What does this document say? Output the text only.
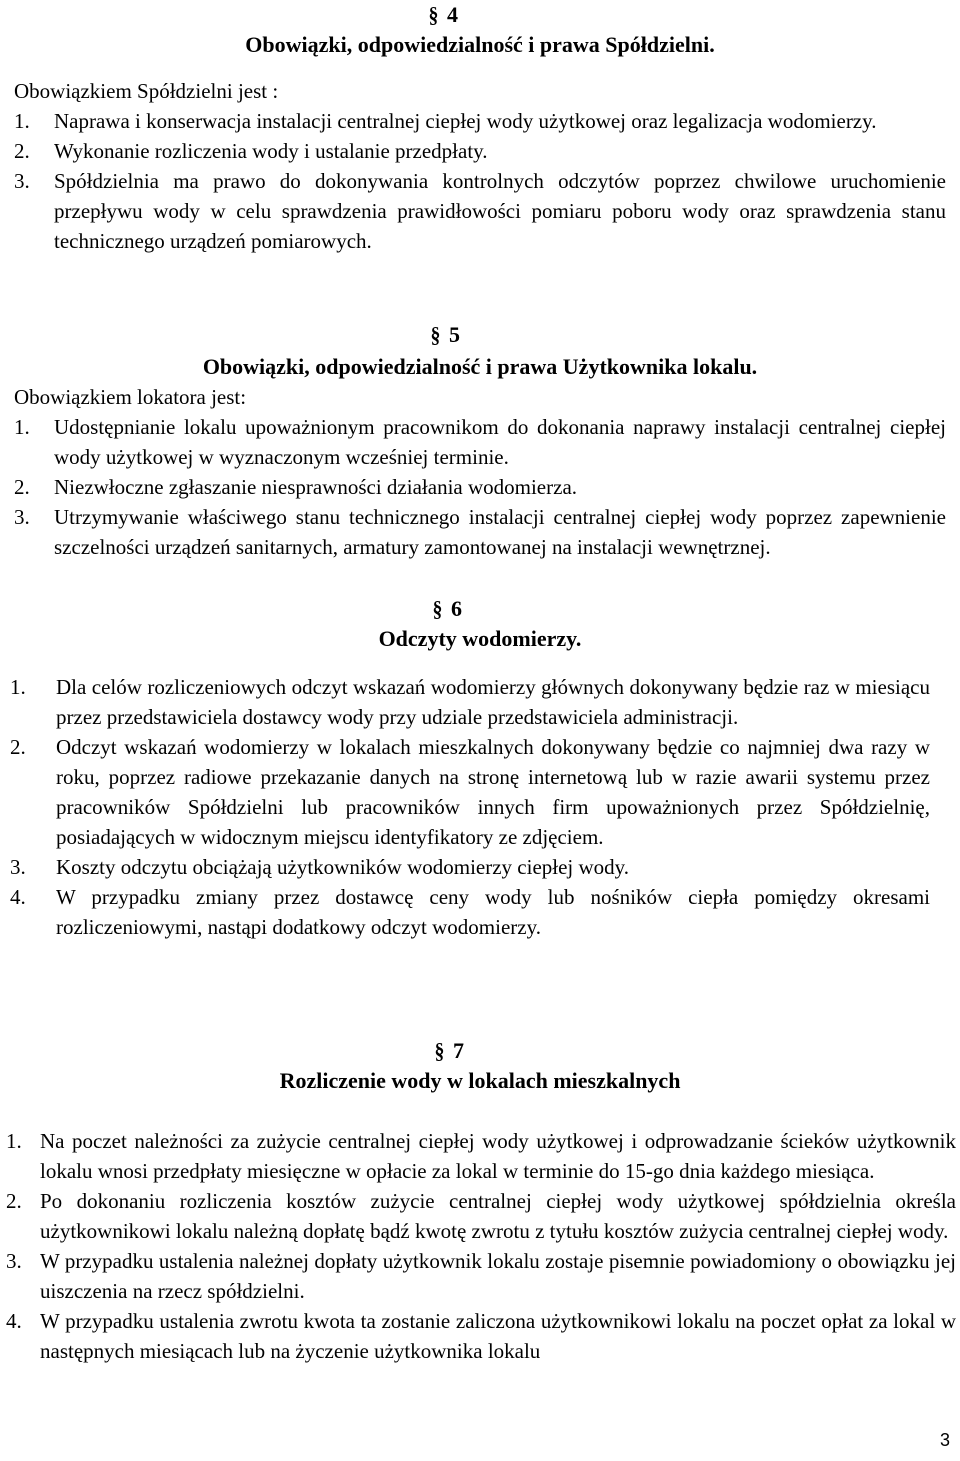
§ 4
Obowiązki, odpowiedzialność i prawa Spółdzielni.
Obowiązkiem Spółdzielni jest :
1. Naprawa i konserwacja instalacji centralnej ciepłej wody użytkowej oraz legalizacja wodomierzy.
2. Wykonanie rozliczenia wody i ustalanie przedpłaty.
3. Spółdzielnia ma prawo do dokonywania kontrolnych odczytów poprzez chwilowe uruchomienie przepływu wody w celu sprawdzenia prawidłowości pomiaru poboru wody oraz sprawdzenia stanu technicznego urządzeń pomiarowych.
§ 5
Obowiązki, odpowiedzialność i prawa Użytkownika lokalu.
Obowiązkiem lokatora jest:
1. Udostępnianie lokalu upoważnionym pracownikom do dokonania naprawy instalacji centralnej ciepłej wody użytkowej w wyznaczonym wcześniej terminie.
2. Niezwłoczne zgłaszanie niesprawności działania wodomierza.
3. Utrzymywanie właściwego stanu technicznego instalacji centralnej ciepłej wody poprzez zapewnienie szczelności urządzeń sanitarnych, armatury zamontowanej na instalacji wewnętrznej.
§ 6
Odczyty wodomierzy.
1. Dla celów rozliczeniowych odczyt wskazań wodomierzy głównych dokonywany będzie raz w miesiącu przez przedstawiciela dostawcy wody przy udziale przedstawiciela administracji.
2. Odczyt wskazań wodomierzy w lokalach mieszkalnych dokonywany będzie co najmniej dwa razy w roku, poprzez radiowe przekazanie danych na stronę internetową lub w razie awarii systemu przez pracowników Spółdzielni lub pracowników innych firm upoważnionych przez Spółdzielnię, posiadających w widocznym miejscu identyfikatory ze zdjęciem.
3. Koszty odczytu obciążają użytkowników wodomierzy ciepłej wody.
4. W przypadku zmiany przez dostawcę ceny wody lub nośników ciepła pomiędzy okresami rozliczeniowymi, nastąpi dodatkowy odczyt wodomierzy.
§ 7
Rozliczenie wody w lokalach mieszkalnych
1. Na poczet należności za zużycie centralnej ciepłej wody użytkowej i odprowadzanie ścieków użytkownik lokalu wnosi przedpłaty miesięczne w opłacie za lokal w terminie do 15-go dnia każdego miesiąca.
2. Po dokonaniu rozliczenia kosztów zużycie centralnej ciepłej wody użytkowej spółdzielnia określa użytkownikowi lokalu należną dopłatę bądź kwotę zwrotu z tytułu kosztów zużycia centralnej ciepłej wody.
3. W przypadku ustalenia należnej dopłaty użytkownik lokalu zostaje pisemnie powiadomiony o obowiązku jej uiszczenia na rzecz spółdzielni.
4. W przypadku ustalenia zwrotu kwota ta zostanie zaliczona użytkownikowi lokalu na poczet opłat za lokal w następnych miesiącach lub na życzenie użytkownika lokalu
3
